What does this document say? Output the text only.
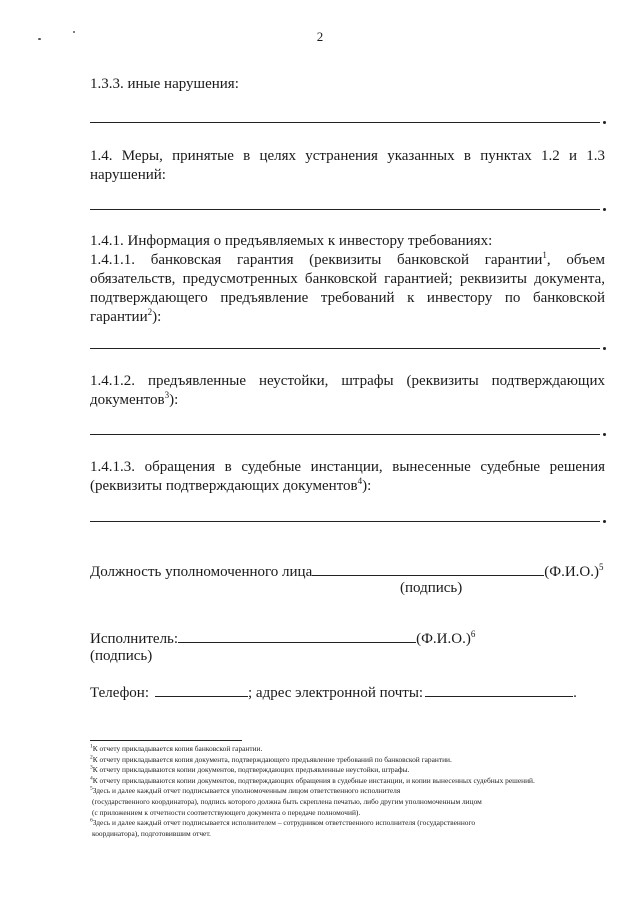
2
1.3.3. иные нарушения:
1.4. Меры, принятые в целях устранения указанных в пунктах 1.2 и 1.3 нарушений:
1.4.1. Информация о предъявляемых к инвестору требованиях:
1.4.1.1. банковская гарантия (реквизиты банковской гарантии$^1$, объем обязательств, предусмотренных банковской гарантией; реквизиты документа, подтверждающего предъявление требований к инвестору по банковской гарантии$^2$):
1.4.1.2. предъявленные неустойки, штрафы (реквизиты подтверждающих документов$^3$):
1.4.1.3. обращения в судебные инстанции, вынесенные судебные решения (реквизиты подтверждающих документов$^4$):
Должность уполномоченного лица	$(Ф.И.О.)^5$
(подпись)
Исполнитель:	$(Ф.И.О.)^6$
(подпись)
Телефон:	; адрес электронной почты:	.
$^1$К отчету прикладывается копия банковской гарантии.
$^2$К отчету прикладывается копия документа, подтверждающего предъявление требований по банковской гарантии.
$^3$К отчету прикладываются копии документов, подтверждающих предъявленные неустойки, штрафы.
$^4$К отчету прикладываются копии документов, подтверждающих обращения в судебные инстанции, и копии вынесенных судебных решений.
$^5$Здесь и далее каждый отчет подписывается уполномоченным лицом ответственного исполнителя
(государственного координатора), подпись которого должна быть скреплена печатью, либо другим уполномоченным лицом
(с приложением к отчетности соответствующего документа о передаче полномочий).
$^6$Здесь и далее каждый отчет подписывается исполнителем – сотрудником ответственного исполнителя (государственного
координатора), подготовившим отчет.
